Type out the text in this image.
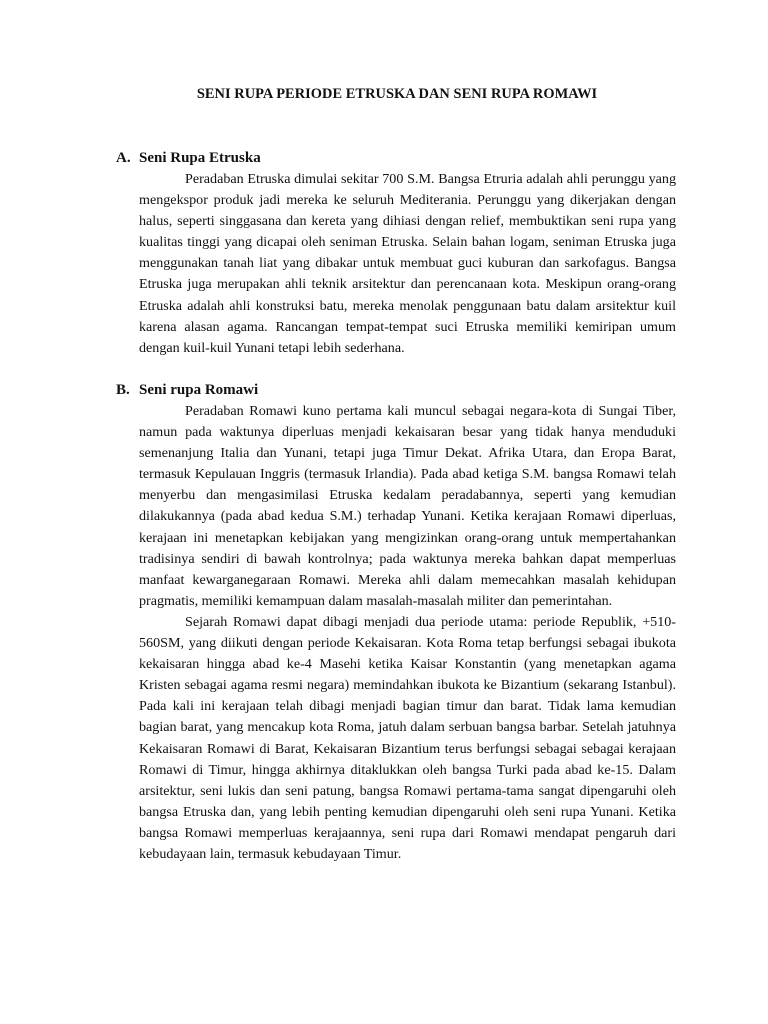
SENI RUPA PERIODE ETRUSKA DAN SENI RUPA ROMAWI
A. Seni Rupa Etruska

Peradaban Etruska dimulai sekitar 700 S.M. Bangsa Etruria adalah ahli perunggu yang mengekspor produk jadi mereka ke seluruh Mediterania. Perunggu yang dikerjakan dengan halus, seperti singgasana dan kereta yang dihiasi dengan relief, membuktikan seni rupa yang kualitas tinggi yang dicapai oleh seniman Etruska. Selain bahan logam, seniman Etruska juga menggunakan tanah liat yang dibakar untuk membuat guci kuburan dan sarkofagus. Bangsa Etruska juga merupakan ahli teknik arsitektur dan perencanaan kota. Meskipun orang-orang Etruska adalah ahli konstruksi batu, mereka menolak penggunaan batu dalam arsitektur kuil karena alasan agama. Rancangan tempat-tempat suci Etruska memiliki kemiripan umum dengan kuil-kuil Yunani tetapi lebih sederhana.

B. Seni rupa Romawi

Peradaban Romawi kuno pertama kali muncul sebagai negara-kota di Sungai Tiber, namun pada waktunya diperluas menjadi kekaisaran besar yang tidak hanya menduduki semenanjung Italia dan Yunani, tetapi juga Timur Dekat. Afrika Utara, dan Eropa Barat, termasuk Kepulauan Inggris (termasuk Irlandia). Pada abad ketiga S.M. bangsa Romawi telah menyerbu dan mengasimilasi Etruska kedalam peradabannya, seperti yang kemudian dilakukannya (pada abad kedua S.M.) terhadap Yunani. Ketika kerajaan Romawi diperluas, kerajaan ini menetapkan kebijakan yang mengizinkan orang-orang untuk mempertahankan tradisinya sendiri di bawah kontrolnya; pada waktunya mereka bahkan dapat memperluas manfaat kewarganegaraan Romawi. Mereka ahli dalam memecahkan masalah kehidupan pragmatis, memiliki kemampuan dalam masalah-masalah militer dan pemerintahan.

Sejarah Romawi dapat dibagi menjadi dua periode utama: periode Republik, +510- 560SM, yang diikuti dengan periode Kekaisaran. Kota Roma tetap berfungsi sebagai ibukota kekaisaran hingga abad ke-4 Masehi ketika Kaisar Konstantin (yang menetapkan agama Kristen sebagai agama resmi negara) memindahkan ibukota ke Bizantium (sekarang Istanbul). Pada kali ini kerajaan telah dibagi menjadi bagian timur dan barat. Tidak lama kemudian bagian barat, yang mencakup kota Roma, jatuh dalam serbuan bangsa barbar. Setelah jatuhnya Kekaisaran Romawi di Barat, Kekaisaran Bizantium terus berfungsi sebagai sebagai kerajaan Romawi di Timur, hingga akhirnya ditaklukkan oleh bangsa Turki pada abad ke-15. Dalam arsitektur, seni lukis dan seni patung, bangsa Romawi pertama-tama sangat dipengaruhi oleh bangsa Etruska dan, yang lebih penting kemudian dipengaruhi oleh seni rupa Yunani. Ketika bangsa Romawi memperluas kerajaannya, seni rupa dari Romawi mendapat pengaruh dari kebudayaan lain, termasuk kebudayaan Timur.
